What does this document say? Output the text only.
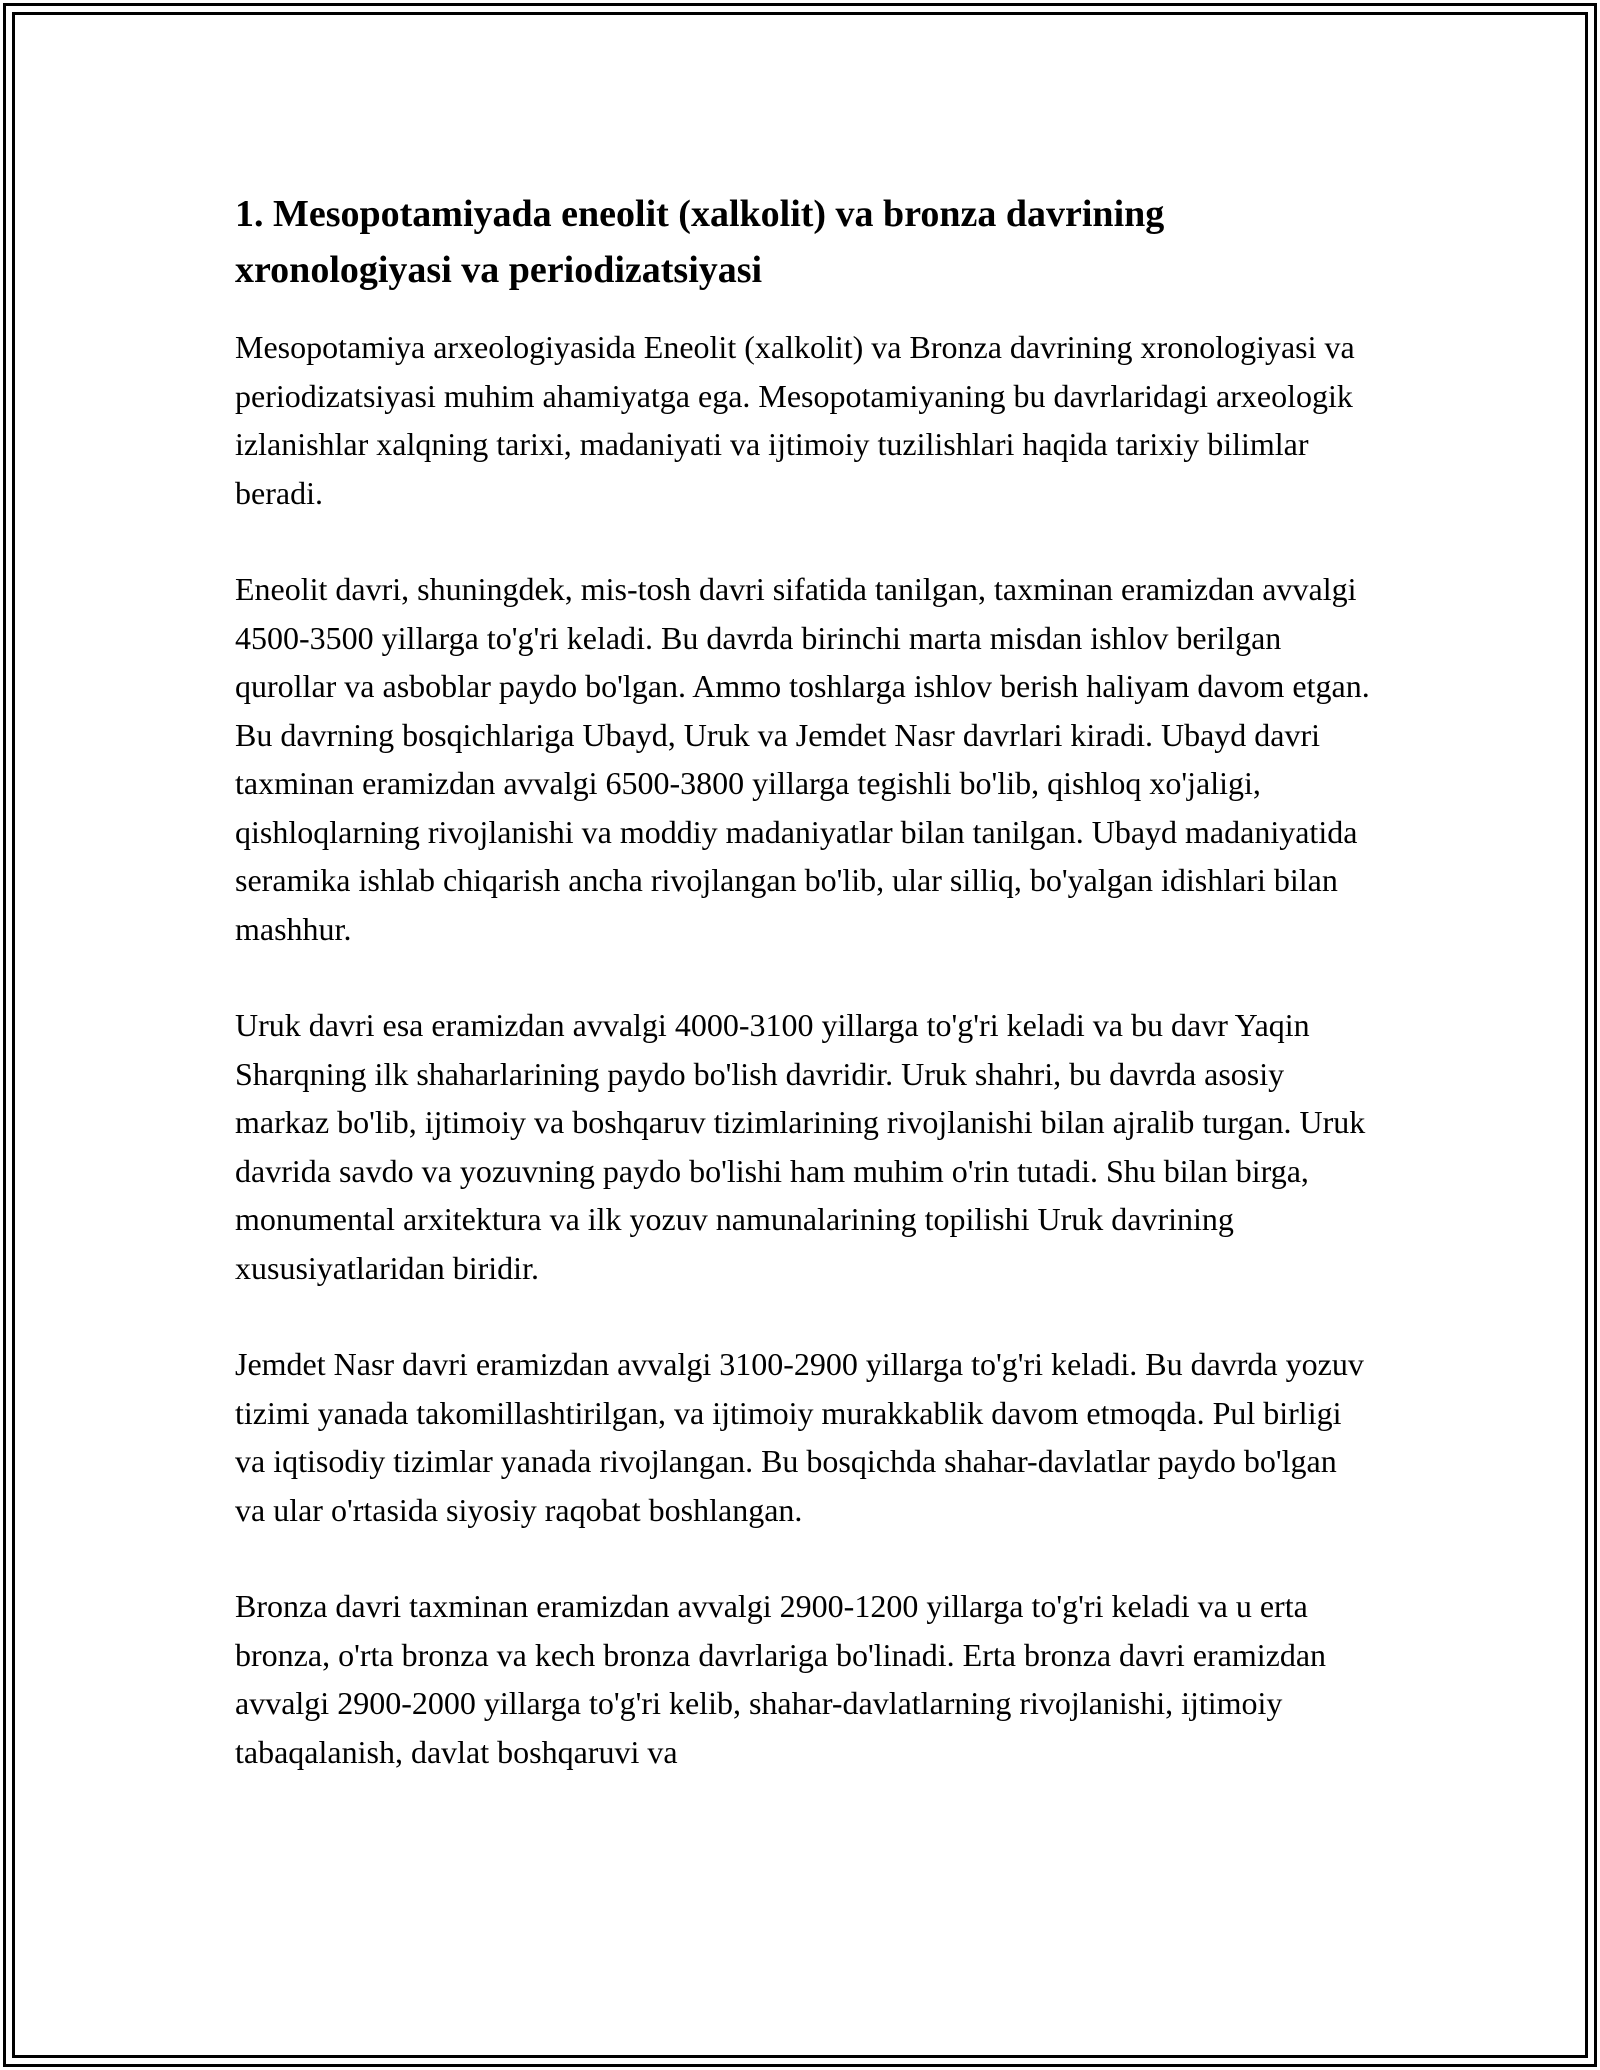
1. Mesopotamiyada eneolit (xalkolit) va bronza davrining xronologiyasi va periodizatsiyasi

Mesopotamiya arxeologiyasida Eneolit (xalkolit) va Bronza davrining xronologiyasi va periodizatsiyasi muhim ahamiyatga ega. Mesopotamiyaning bu davrlaridagi arxeologik izlanishlar xalqning tarixi, madaniyati va ijtimoiy tuzilishlari haqida tarixiy bilimlar beradi.

Eneolit davri, shuningdek, mis-tosh davri sifatida tanilgan, taxminan eramizdan avvalgi 4500-3500 yillarga to'g'ri keladi. Bu davrda birinchi marta misdan ishlov berilgan qurollar va asboblar paydo bo'lgan. Ammo toshlarga ishlov berish haliyam davom etgan. Bu davrning bosqichlariga Ubayd, Uruk va Jemdet Nasr davrlari kiradi. Ubayd davri taxminan eramizdan avvalgi 6500-3800 yillarga tegishli bo'lib, qishloq xo'jaligi, qishloqlarning rivojlanishi va moddiy madaniyatlar bilan tanilgan. Ubayd madaniyatida seramika ishlab chiqarish ancha rivojlangan bo'lib, ular silliq, bo'yalgan idishlari bilan mashhur.

Uruk davri esa eramizdan avvalgi 4000-3100 yillarga to'g'ri keladi va bu davr Yaqin Sharqning ilk shaharlarining paydo bo'lish davridir. Uruk shahri, bu davrda asosiy markaz bo'lib, ijtimoiy va boshqaruv tizimlarining rivojlanishi bilan ajralib turgan. Uruk davrida savdo va yozuvning paydo bo'lishi ham muhim o'rin tutadi. Shu bilan birga, monumental arxitektura va ilk yozuv namunalarining topilishi Uruk davrining xususiyatlaridan biridir.

Jemdet Nasr davri eramizdan avvalgi 3100-2900 yillarga to'g'ri keladi. Bu davrda yozuv tizimi yanada takomillashtirilgan, va ijtimoiy murakkablik davom etmoqda. Pul birligi va iqtisodiy tizimlar yanada rivojlangan. Bu bosqichda shahar-davlatlar paydo bo'lgan va ular o'rtasida siyosiy raqobat boshlangan.

Bronza davri taxminan eramizdan avvalgi 2900-1200 yillarga to'g'ri keladi va u erta bronza, o'rta bronza va kech bronza davrlariga bo'linadi. Erta bronza davri eramizdan avvalgi 2900-2000 yillarga to'g'ri kelib, shahar-davlatlarning rivojlanishi, ijtimoiy tabaqalanish, davlat boshqaruvi va
